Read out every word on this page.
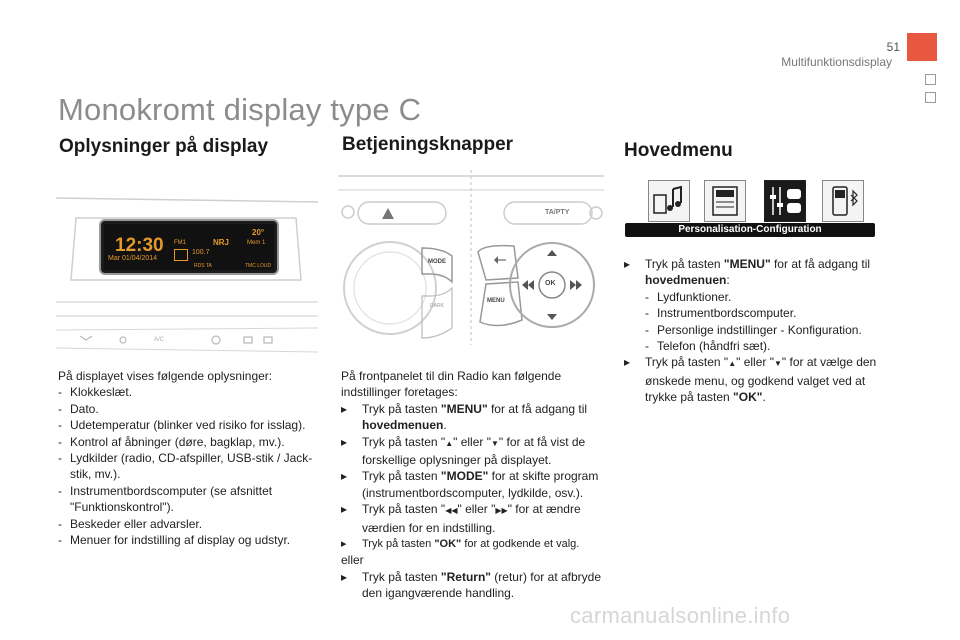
51
Multifunktionsdisplay
Monokromt display type C
Oplysninger på display	Betjeningsknapper	Hovedmenu
12:30
20°
FM1	NRJ	Mem 1
100.7
Mar 01/04/2014
RDS TA	TMC LOUD
A/C

På displayet vises følgende oplysninger:

- Klokkeslæt.
- Dato.
- Udetemperatur (blinker ved risiko for isslag).
- Kontrol af åbninger (døre, bagklap, mv.).
- Lydkilder (radio, CD-afspiller, USB-stik / Jack-stik, mv.).
- Instrumentbordscomputer (se afsnittet "Funktionskontrol").
- Beskeder eller advarsler.
- Menuer for indstilling af display og udstyr.
TA/PTY
MODE
DARK
MENU
OK

På frontpanelet til din Radio kan følgende indstillinger foretages:

▸	Tryk på tasten "MENU" for at få adgang til hovedmenuen.
▸	Tryk på tasten "▲" eller "▼" for at få vist de forskellige oplysninger på displayet.
▸	Tryk på tasten "MODE" for at skifte program (instrumentbordscomputer, lydkilde, osv.).
▸	Tryk på tasten "◀◀" eller "▶▶" for at ændre værdien for en indstilling.
▸	Tryk på tasten "OK" for at godkende et valg.

eller

▸	Tryk på tasten "Return" (retur) for at afbryde den igangværende handling.
Personalisation-Configuration
▸	Tryk på tasten "MENU" for at få adgang til hovedmenuen:
- Lydfunktioner.
- Instrumentbordscomputer.
- Personlige indstillinger - Konfiguration.
- Telefon (håndfri sæt).
▸	Tryk på tasten "▲" eller "▼" for at vælge den ønskede menu, og godkend valget ved at trykke på tasten "OK".
carmanualsonline.info
